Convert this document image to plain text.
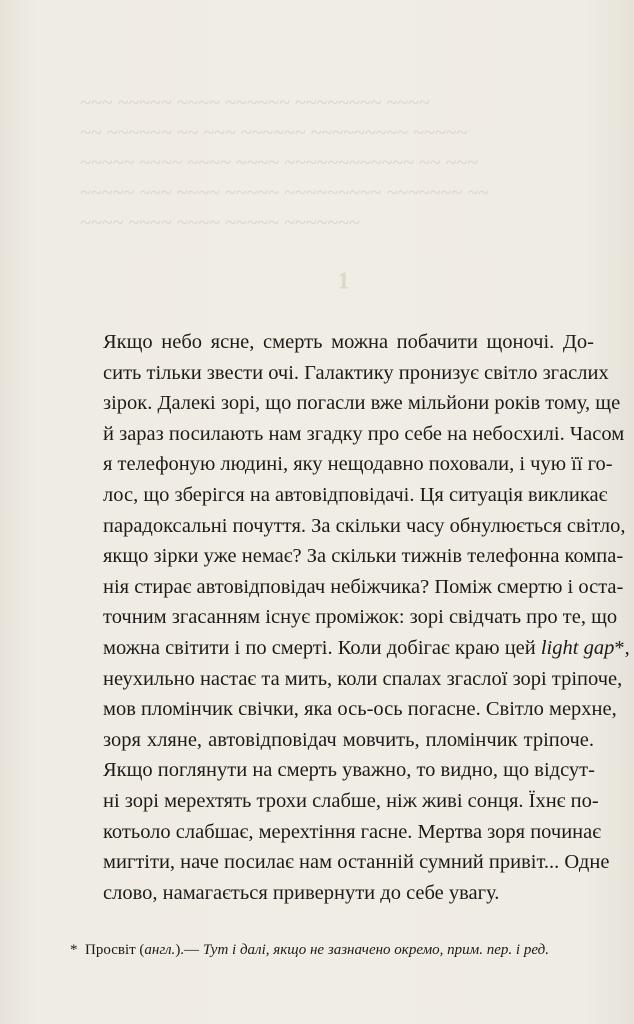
~~~ ~~~~~ ~~~~ ~~~~~~ ~~~~~~~~ ~~~~
~~ ~~~~~~ ~~ ~~~ ~~~~~~ ~~~~~~~~~ ~~~~~
~~~~~ ~~~~ ~~~~ ~~~~ ~~~~~~~~~~~~ ~~ ~~~
~~~~~ ~~~ ~~~~ ~~~~~ ~~~~~~~~~ ~~~~~~~ ~~
~~~~ ~~~~ ~~~~ ~~~~~ ~~~~~~~
¹
Якщо небо ясне, смерть можна побачити щоночі. До-
сить тільки звести очі. Галактику пронизує світло згаслих
зірок. Далекі зорі, що погасли вже мільйони років тому, ще
й зараз посилають нам згадку про себе на небосхилі. Часом
я телефоную людині, яку нещодавно поховали, і чую її го-
лос, що зберігся на автовідповідачі. Ця ситуація викликає
парадоксальні почуття. За скільки часу обнулюється світло,
якщо зірки уже немає? За скільки тижнів телефонна компа-
нія стирає автовідповідач небіжчика? Поміж смертю і оста-
точним згасанням існує проміжок: зорі свідчать про те, що
можна світити і по смерті. Коли добігає краю цей light gap*,
неухильно настає та мить, коли спалах згаслої зорі тріпоче,
мов пломінчик свічки, яка ось-ось погасне. Світло мерхне,
зоря хляне, автовідповідач мовчить, пломінчик тріпоче.
Якщо поглянути на смерть уважно, то видно, що відсут-
ні зорі мерехтять трохи слабше, ніж живі сонця. Їхнє по-
котьоло слабшає, мерехтіння гасне. Мертва зоря починає
мигтіти, наче посилає нам останній сумний привіт... Одне
слово, намагається привернути до себе увагу.
* Просвіт (англ.).— Тут і далі, якщо не зазначено окремо, прим. пер. і ред.
